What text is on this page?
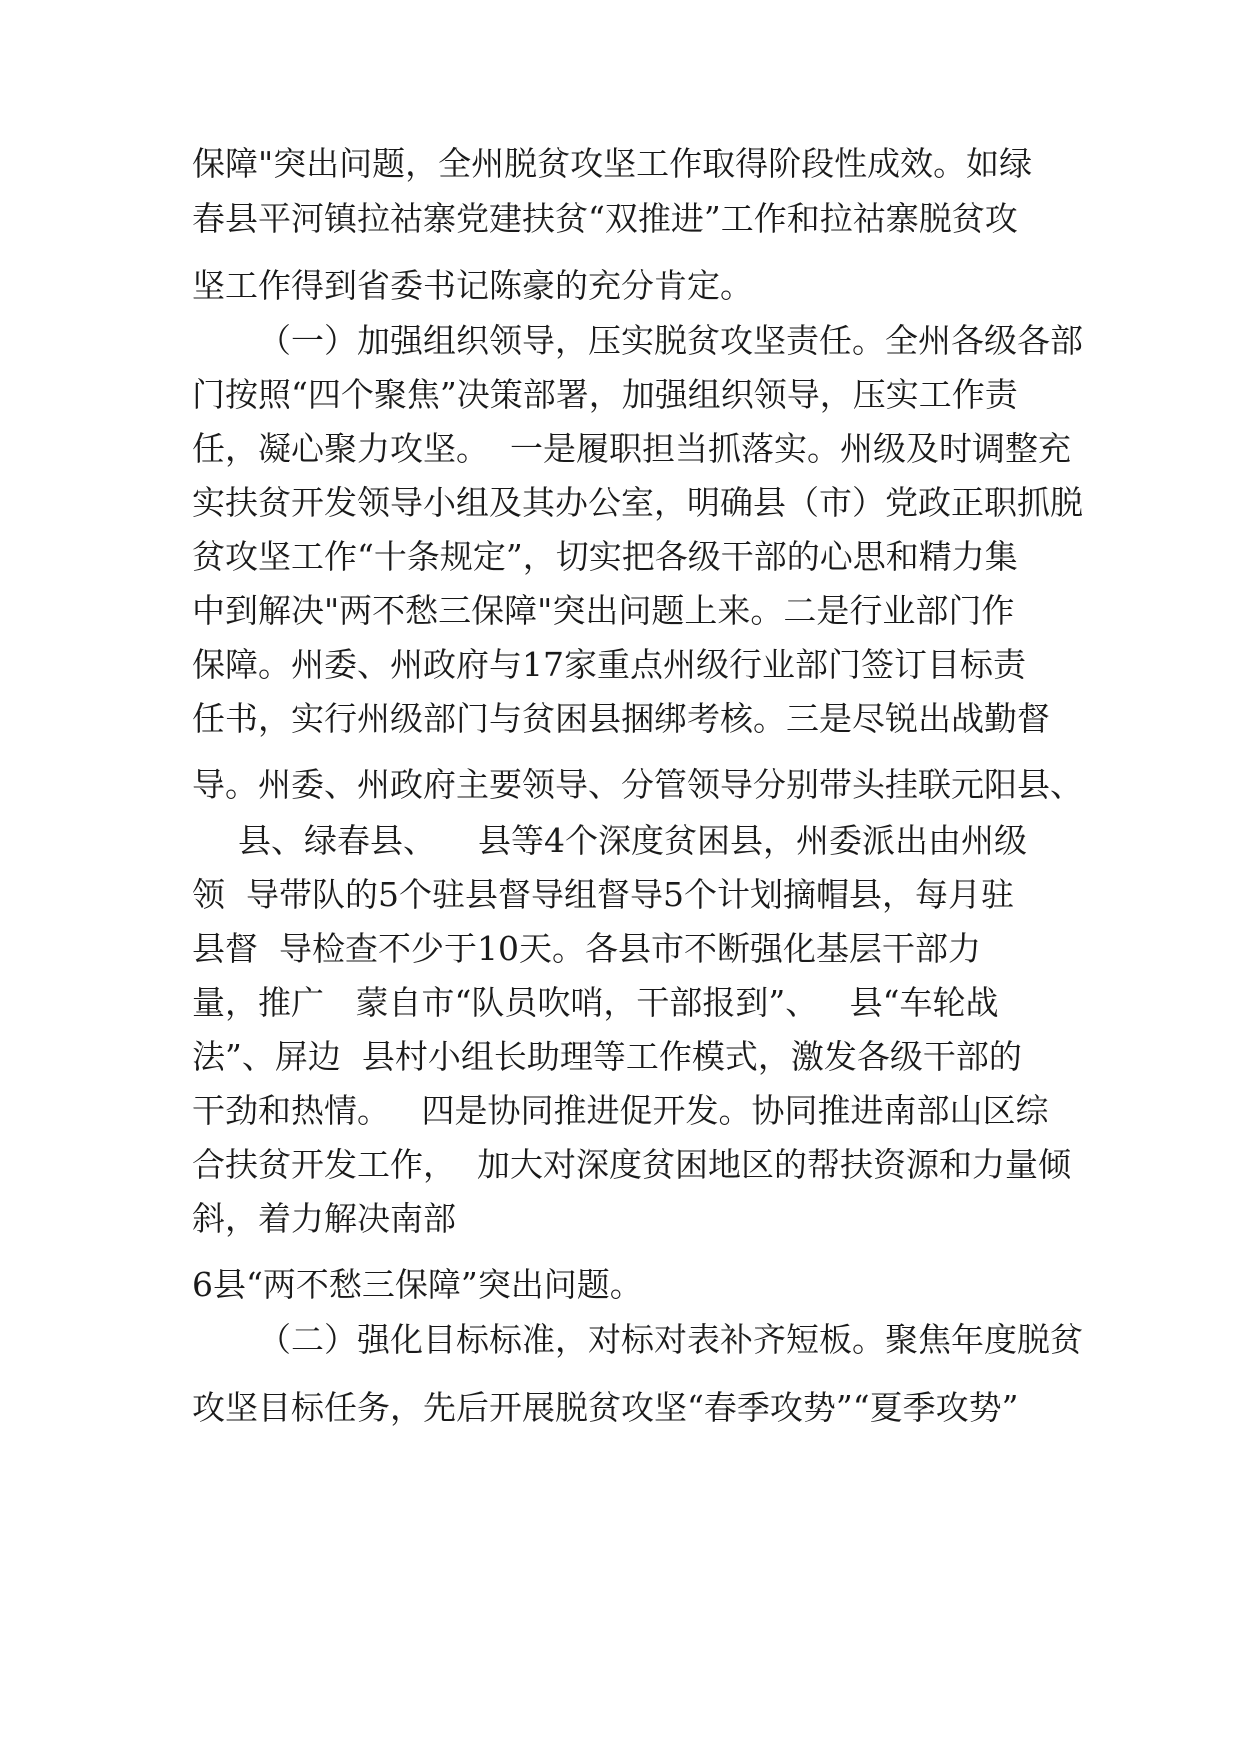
保障"突出问题，全州脱贫攻坚工作取得阶段性成效。如绿
春县平河镇拉祜寨党建扶贫“双推进”工作和拉祜寨脱贫攻
坚工作得到省委书记陈豪的充分肯定。
（一）加强组织领导，压实脱贫攻坚责任。全州各级各部
门按照“四个聚焦”决策部署，加强组织领导，压实工作责
任，凝心聚力攻坚。  一是履职担当抓落实。州级及时调整充
实扶贫开发领导小组及其办公室，明确县（市）党政正职抓脱
贫攻坚工作“十条规定”，切实把各级干部的心思和精力集
中到解决"两不愁三保障"突出问题上来。二是行业部门作
保障。州委、州政府与17家重点州级行业部门签订目标责
任书，实行州级部门与贫困县捆绑考核。三是尽锐出战勤督
导。州委、州政府主要领导、分管领导分别带头挂联元阳县、
县、绿春县、    县等4个深度贫困县，州委派出由州级
领  导带队的5个驻县督导组督导5个计划摘帽县，每月驻
县督  导检查不少于10天。各县市不断强化基层干部力
量，推广   蒙自市“队员吹哨，干部报到”、   县“车轮战
法”、屏边  县村小组长助理等工作模式，激发各级干部的
干劲和热情。   四是协同推进促开发。协同推进南部山区综
合扶贫开发工作，  加大对深度贫困地区的帮扶资源和力量倾
斜，着力解决南部
6县“两不愁三保障”突出问题。
（二）强化目标标准，对标对表补齐短板。聚焦年度脱贫
攻坚目标任务，先后开展脱贫攻坚“春季攻势”“夏季攻势”
